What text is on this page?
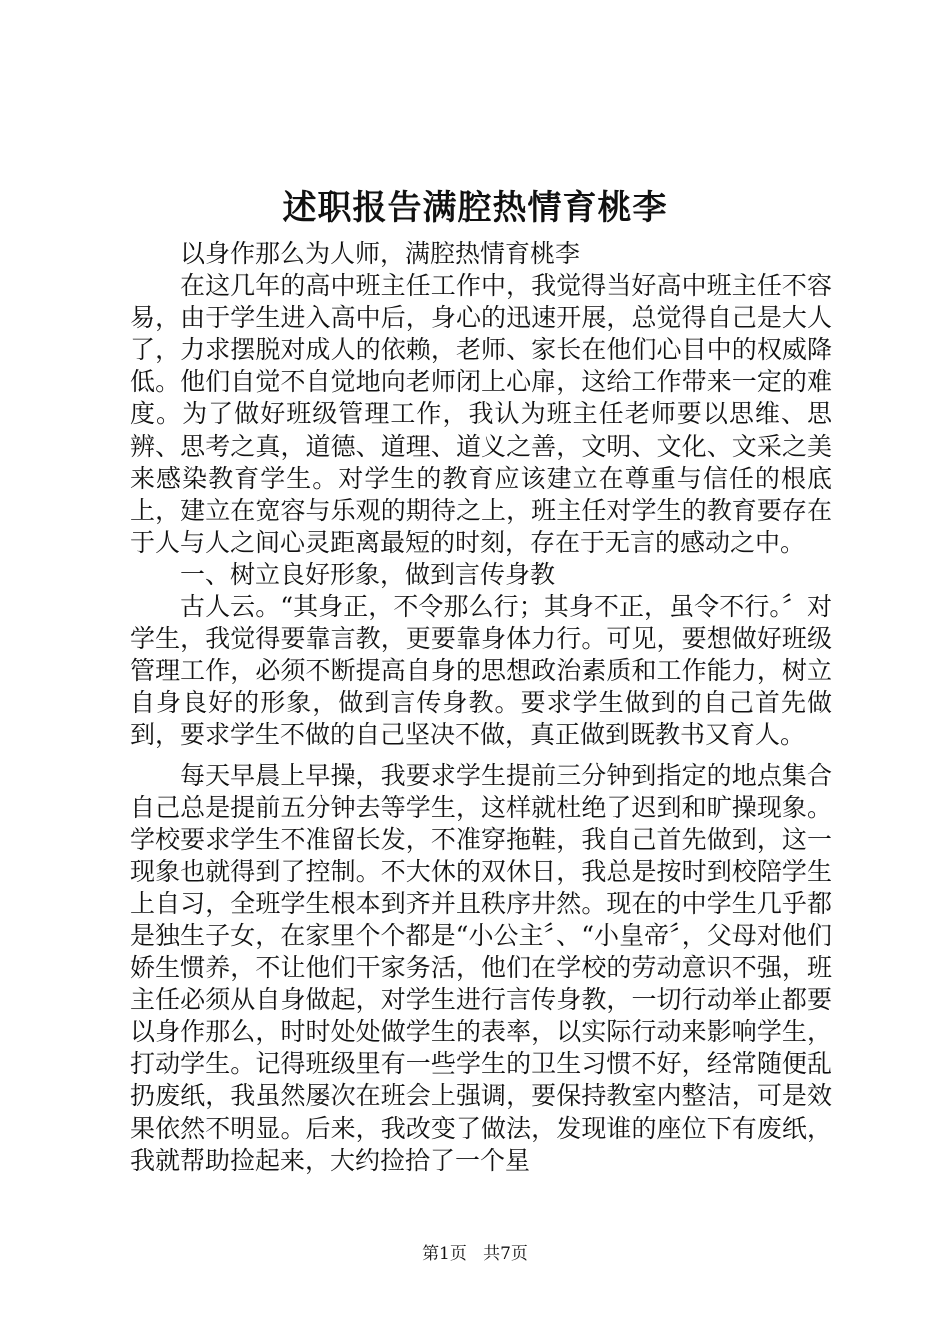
述职报告满腔热情育桃李

以身作那么为人师，满腔热情育桃李

在这几年的高中班主任工作中，我觉得当好高中班主任不容易，由于学生进入高中后，身心的迅速开展，总觉得自己是大人了，力求摆脱对成人的依赖，老师、家长在他们心目中的权威降低。他们自觉不自觉地向老师闭上心扉，这给工作带来一定的难度。为了做好班级管理工作，我认为班主任老师要以思维、思辨、思考之真，道德、道理、道义之善，文明、文化、文采之美来感染教育学生。对学生的教育应该建立在尊重与信任的根底上，建立在宽容与乐观的期待之上，班主任对学生的教育要存在于人与人之间心灵距离最短的时刻，存在于无言的感动之中。

一、树立良好形象，做到言传身教

古人云。“其身正，不令那么行；其身不正，虽令不行。〞对学生，我觉得要靠言教，更要靠身体力行。可见，要想做好班级管理工作，必须不断提高自身的思想政治素质和工作能力，树立自身良好的形象，做到言传身教。要求学生做到的自己首先做到，要求学生不做的自己坚决不做，真正做到既教书又育人。

每天早晨上早操，我要求学生提前三分钟到指定的地点集合自己总是提前五分钟去等学生，这样就杜绝了迟到和旷操现象。学校要求学生不准留长发，不准穿拖鞋，我自己首先做到，这一现象也就得到了控制。不大休的双休日，我总是按时到校陪学生上自习，全班学生根本到齐并且秩序井然。现在的中学生几乎都是独生子女，在家里个个都是“小公主〞、“小皇帝〞，父母对他们娇生惯养，不让他们干家务活，他们在学校的劳动意识不强，班主任必须从自身做起，对学生进行言传身教，一切行动举止都要以身作那么，时时处处做学生的表率，以实际行动来影响学生，打动学生。记得班级里有一些学生的卫生习惯不好，经常随便乱扔废纸，我虽然屡次在班会上强调，要保持教室内整洁，可是效果依然不明显。后来，我改变了做法，发现谁的座位下有废纸，我就帮助捡起来，大约捡拾了一个星

第1页 共7页
